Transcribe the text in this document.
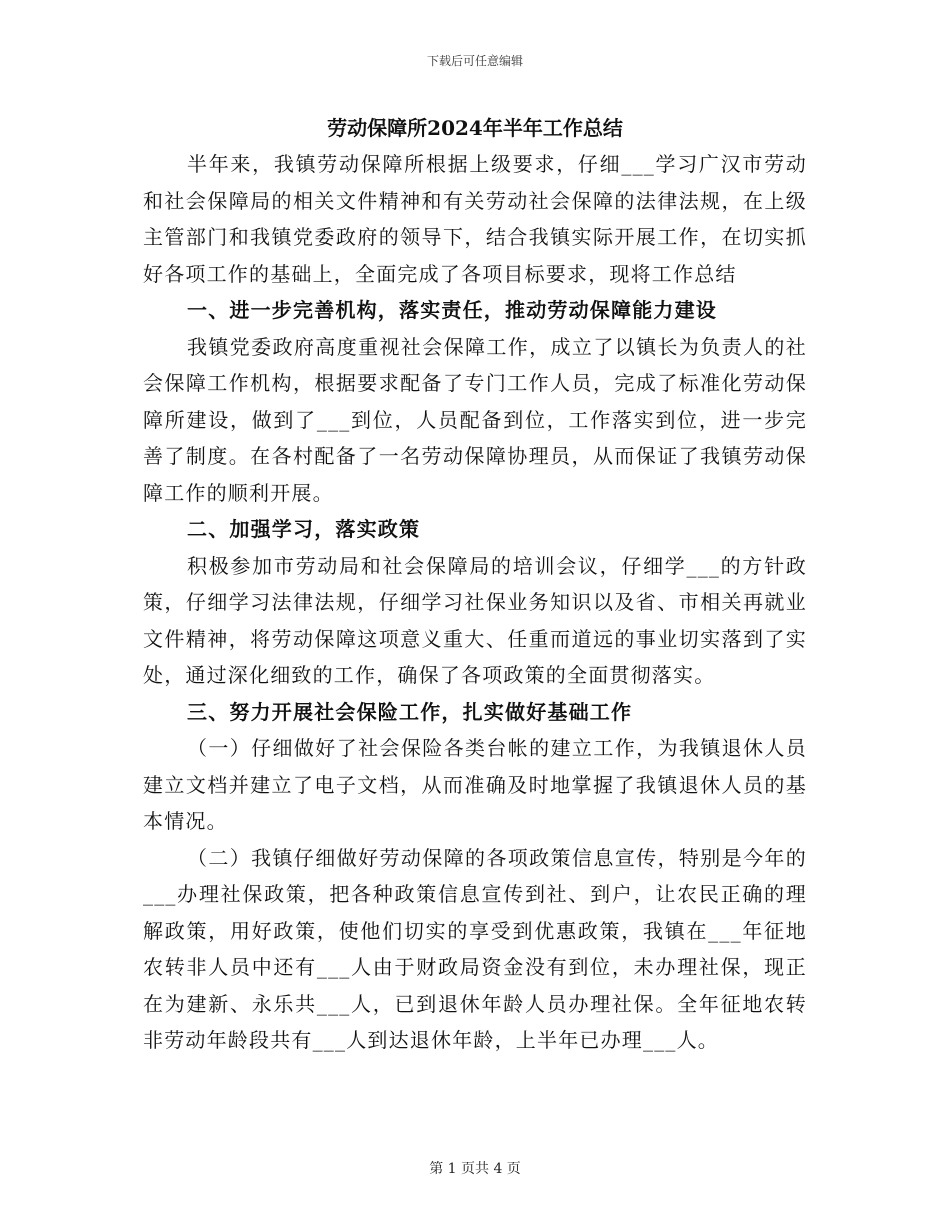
下载后可任意编辑
劳动保障所2024年半年工作总结

半年来，我镇劳动保障所根据上级要求，仔细___学习广汉市劳动和社会保障局的相关文件精神和有关劳动社会保障的法律法规，在上级主管部门和我镇党委政府的领导下，结合我镇实际开展工作，在切实抓好各项工作的基础上，全面完成了各项目标要求，现将工作总结

一、进一步完善机构，落实责任，推动劳动保障能力建设

我镇党委政府高度重视社会保障工作，成立了以镇长为负责人的社会保障工作机构，根据要求配备了专门工作人员，完成了标准化劳动保障所建设，做到了___到位，人员配备到位，工作落实到位，进一步完善了制度。在各村配备了一名劳动保障协理员，从而保证了我镇劳动保障工作的顺利开展。

二、加强学习，落实政策

积极参加市劳动局和社会保障局的培训会议，仔细学___的方针政策，仔细学习法律法规，仔细学习社保业务知识以及省、市相关再就业文件精神，将劳动保障这项意义重大、任重而道远的事业切实落到了实处，通过深化细致的工作，确保了各项政策的全面贯彻落实。

三、努力开展社会保险工作，扎实做好基础工作

（一）仔细做好了社会保险各类台帐的建立工作，为我镇退休人员建立文档并建立了电子文档，从而准确及时地掌握了我镇退休人员的基本情况。

（二）我镇仔细做好劳动保障的各项政策信息宣传，特别是今年的___办理社保政策，把各种政策信息宣传到社、到户，让农民正确的理解政策，用好政策，使他们切实的享受到优惠政策，我镇在___年征地农转非人员中还有___人由于财政局资金没有到位，未办理社保，现正在为建新、永乐共___人，已到退休年龄人员办理社保。全年征地农转非劳动年龄段共有___人到达退休年龄，上半年已办理___人。

第 1 页共 4 页
